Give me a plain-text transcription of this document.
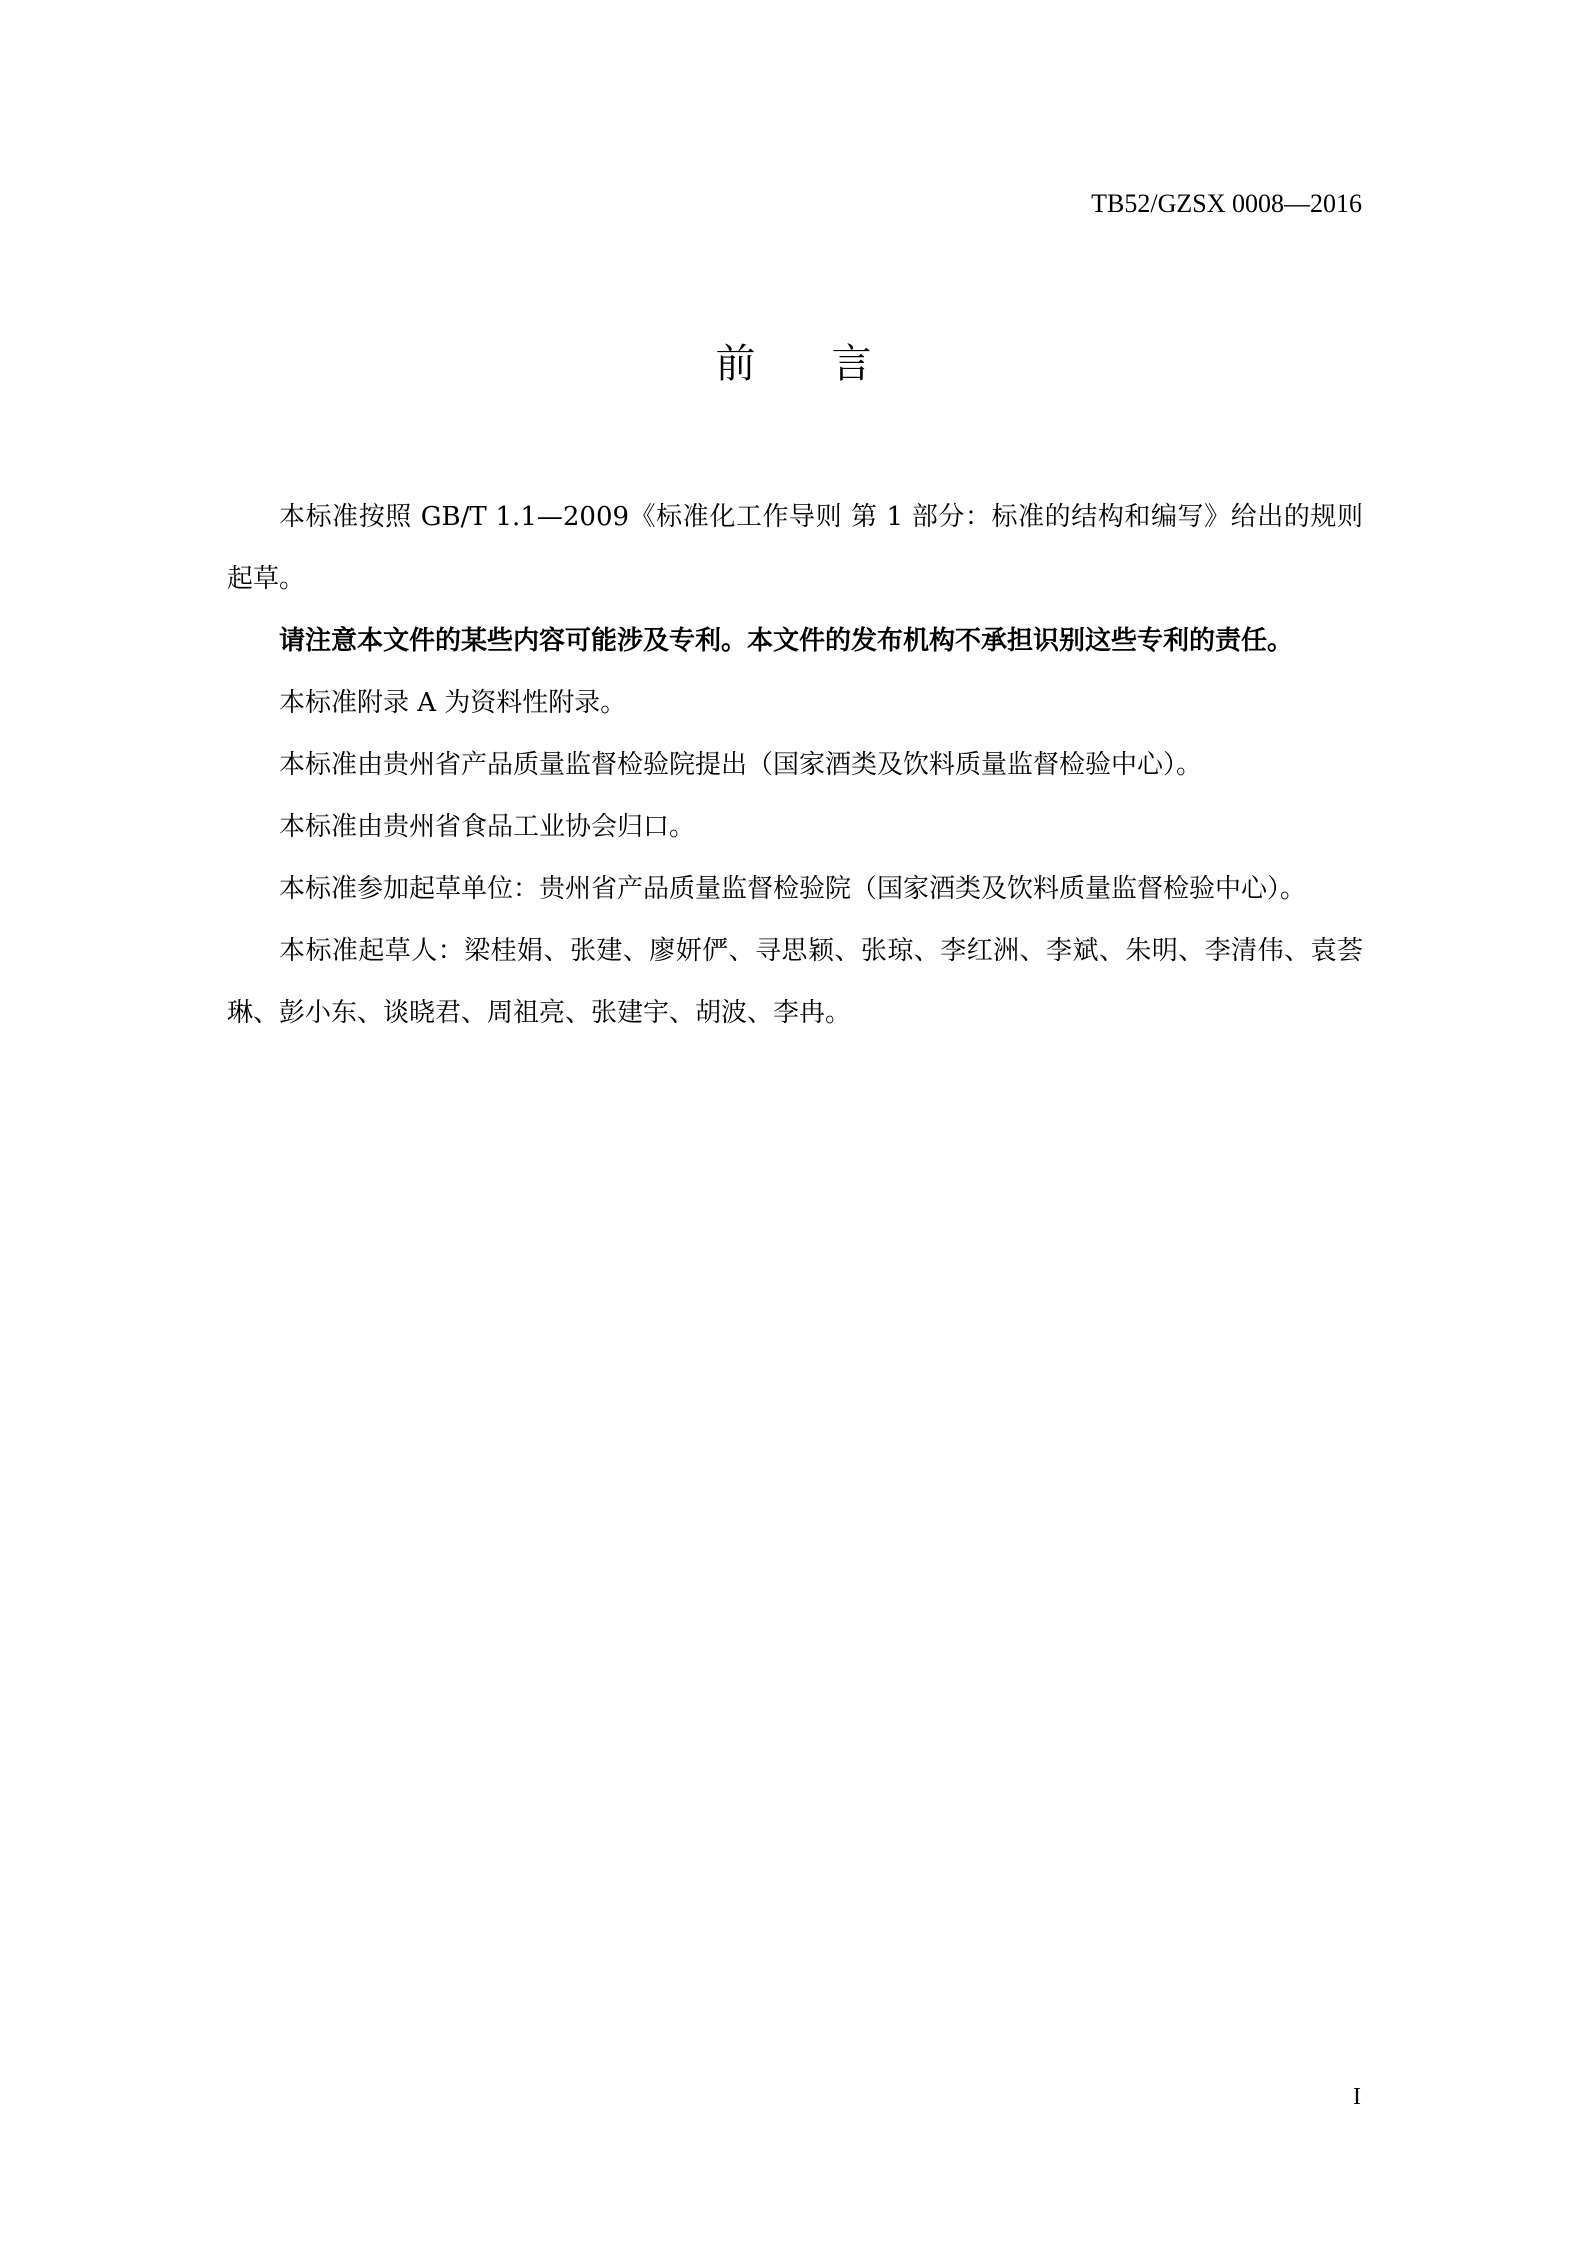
TB52/GZSX 0008—2016
前言

本标准按照 GB/T 1.1—2009《标准化工作导则 第 1 部分：标准的结构和编写》给出的规则起草。

请注意本文件的某些内容可能涉及专利。本文件的发布机构不承担识别这些专利的责任。

本标准附录 A 为资料性附录。

本标准由贵州省产品质量监督检验院提出（国家酒类及饮料质量监督检验中心）。

本标准由贵州省食品工业协会归口。

本标准参加起草单位：贵州省产品质量监督检验院（国家酒类及饮料质量监督检验中心）。

本标准起草人：梁桂娟、张建、廖妍俨、寻思颖、张琼、李红洲、李斌、朱明、李清伟、袁荟琳、彭小东、谈晓君、周祖亮、张建宇、胡波、李冉。

I
